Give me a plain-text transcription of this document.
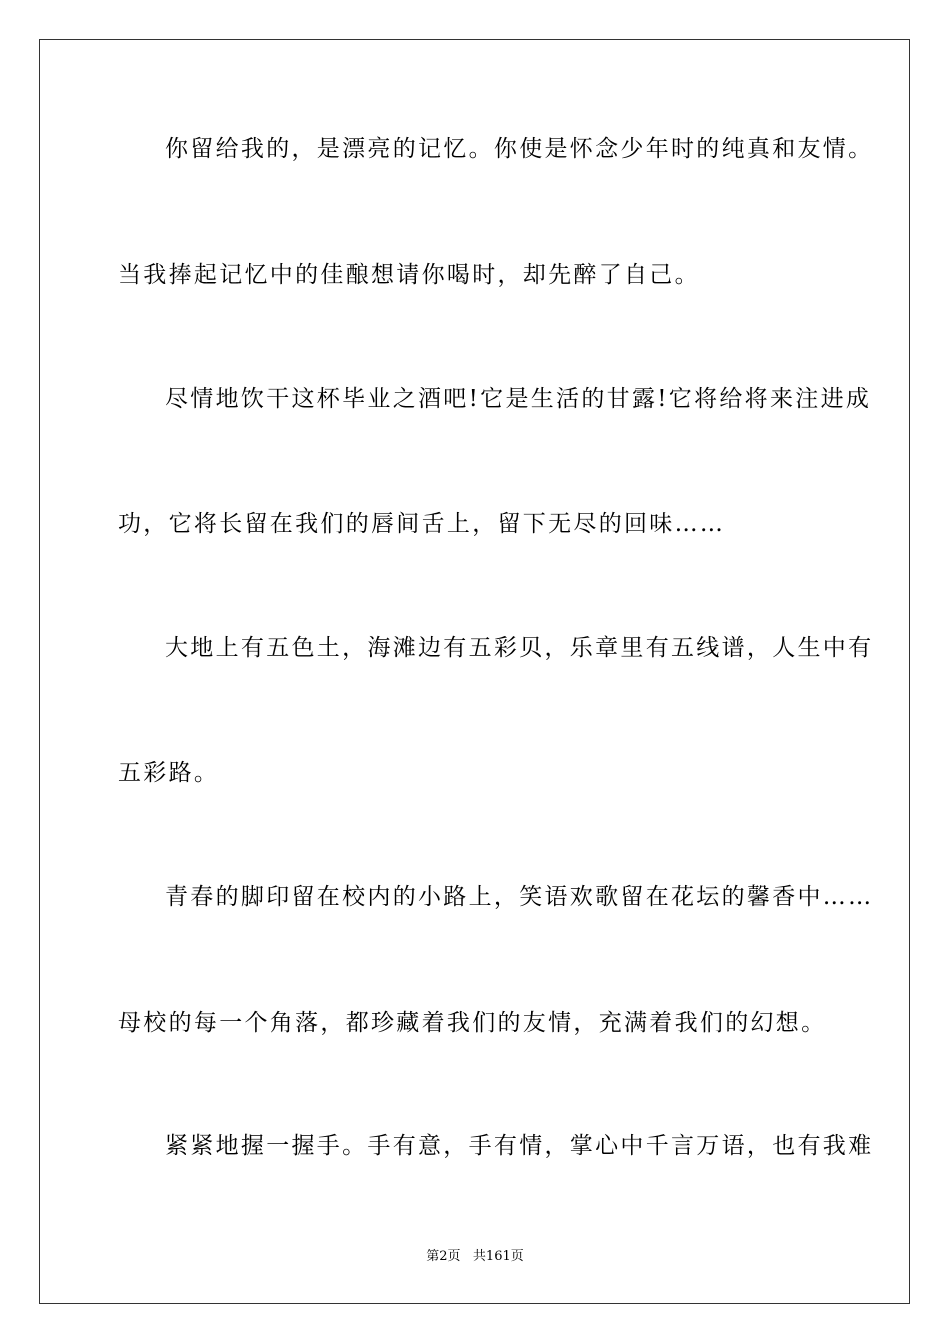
你留给我的，是漂亮的记忆。你使是怀念少年时的纯真和友情。
当我捧起记忆中的佳酿想请你喝时，却先醉了自己。
尽情地饮干这杯毕业之酒吧!它是生活的甘露!它将给将来注进成
功，它将长留在我们的唇间舌上，留下无尽的回味……
大地上有五色土，海滩边有五彩贝，乐章里有五线谱，人生中有
五彩路。
青春的脚印留在校内的小路上，笑语欢歌留在花坛的馨香中……
母校的每一个角落，都珍藏着我们的友情，充满着我们的幻想。
紧紧地握一握手。手有意，手有情，掌心中千言万语，也有我难
第2页   共161页
